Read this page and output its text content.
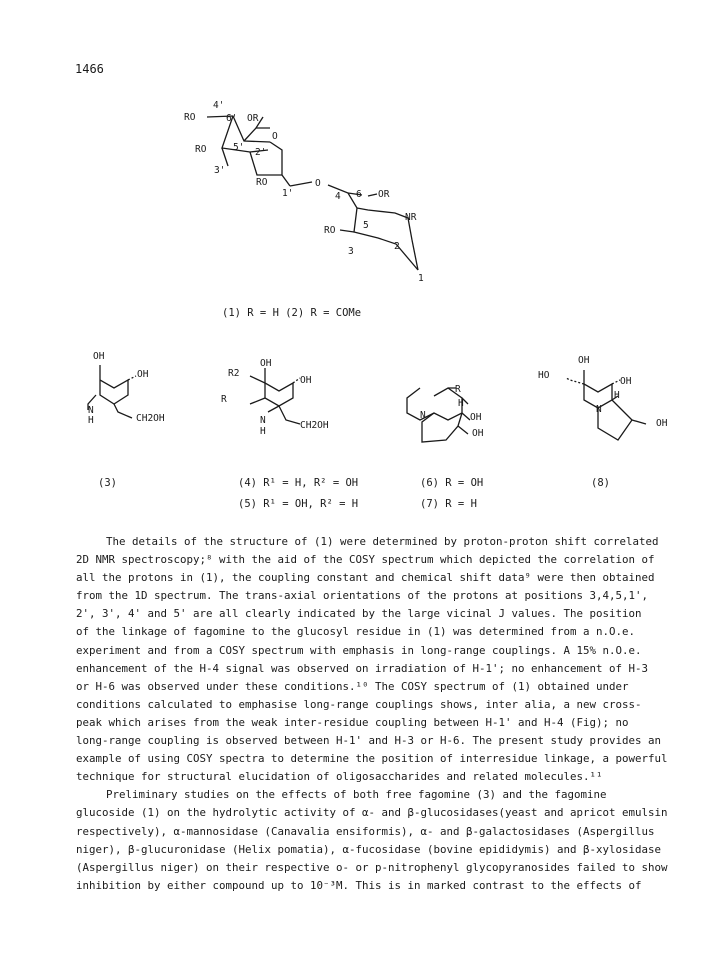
1466
4'
RO	6' OR
O
RO	5' 2'
3'
RO
1'
O
4 6 OR
NR
RO	5
3	2
1
(1) R = H (2) R = COMe
OH
OH
N
H	CH2OH
R2
OH
OH
R
N
H
CH2OH
R
H
N	OH
OH
OH
HO
OH
H
N
OH
(3)	(4) R¹ = H, R² = OH
(5) R¹ = OH, R² = H
(6) R = OH
(7) R = H
(8)

The details of the structure of (1) were determined by proton-proton shift correlated

2D NMR spectroscopy;⁸ with the aid of the COSY spectrum which depicted the correlation of

all the protons in (1), the coupling constant and chemical shift data⁹ were then obtained

from the 1D spectrum. The trans-axial orientations of the protons at positions 3,4,5,1',

2', 3', 4' and 5' are all clearly indicated by the large vicinal J values. The position

of the linkage of fagomine to the glucosyl residue in (1) was determined from a n.O.e.

experiment and from a COSY spectrum with emphasis in long-range couplings. A 15% n.O.e.

enhancement of the H-4 signal was observed on irradiation of H-1'; no enhancement of H-3

or H-6 was observed under these conditions.¹⁰ The COSY spectrum of (1) obtained under

conditions calculated to emphasise long-range couplings shows, inter alia, a new cross-

peak which arises from the weak inter-residue coupling between H-1' and H-4 (Fig); no

long-range coupling is observed between H-1' and H-3 or H-6. The present study provides an

example of using COSY spectra to determine the position of interresidue linkage, a powerful

technique for structural elucidation of oligosaccharides and related molecules.¹¹

Preliminary studies on the effects of both free fagomine (3) and the fagomine

glucoside (1) on the hydrolytic activity of α- and β-glucosidases(yeast and apricot emulsin

respectively), α-mannosidase (Canavalia ensiformis), α- and β-galactosidases (Aspergillus

niger), β-glucuronidase (Helix pomatia), α-fucosidase (bovine epididymis) and β-xylosidase

(Aspergillus niger) on their respective o- or p-nitrophenyl glycopyranosides failed to show

inhibition by either compound up to 10⁻³M. This is in marked contrast to the effects of
